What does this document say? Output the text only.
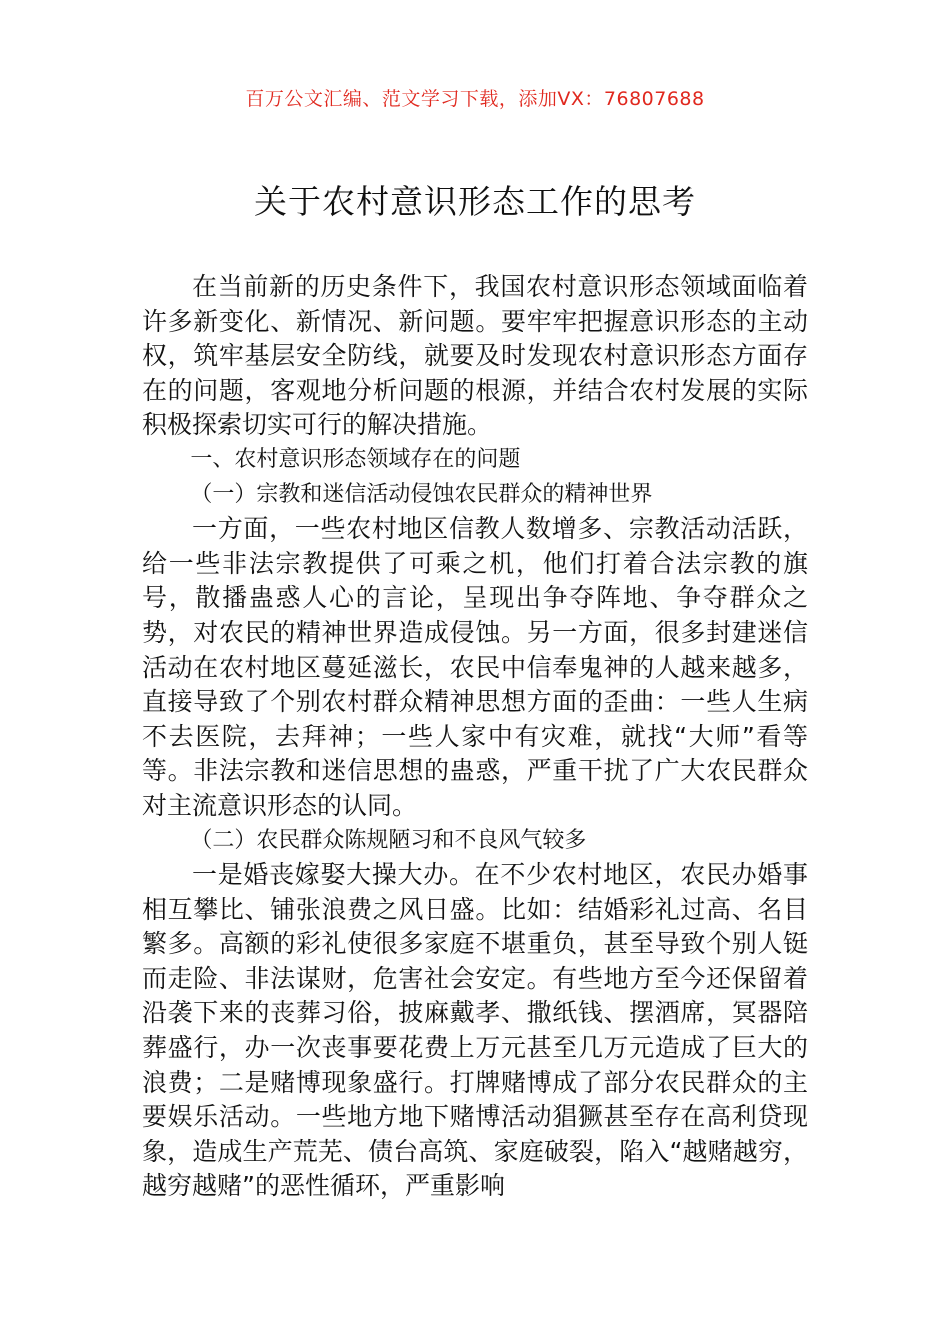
百万公文汇编、范文学习下载，添加VX：76807688
关于农村意识形态工作的思考

在当前新的历史条件下，我国农村意识形态领域面临着许多新变化、新情况、新问题。要牢牢把握意识形态的主动权，筑牢基层安全防线，就要及时发现农村意识形态方面存在的问题，客观地分析问题的根源，并结合农村发展的实际积极探索切实可行的解决措施。

一、农村意识形态领域存在的问题

（一）宗教和迷信活动侵蚀农民群众的精神世界

一方面，一些农村地区信教人数增多、宗教活动活跃，给一些非法宗教提供了可乘之机，他们打着合法宗教的旗号，散播蛊惑人心的言论，呈现出争夺阵地、争夺群众之势，对农民的精神世界造成侵蚀。另一方面，很多封建迷信活动在农村地区蔓延滋长，农民中信奉鬼神的人越来越多，直接导致了个别农村群众精神思想方面的歪曲：一些人生病不去医院，去拜神；一些人家中有灾难，就找“大师”看等等。非法宗教和迷信思想的蛊惑，严重干扰了广大农民群众对主流意识形态的认同。

（二）农民群众陈规陋习和不良风气较多

一是婚丧嫁娶大操大办。在不少农村地区，农民办婚事相互攀比、铺张浪费之风日盛。比如：结婚彩礼过高、名目繁多。高额的彩礼使很多家庭不堪重负，甚至导致个别人铤而走险、非法谋财，危害社会安定。有些地方至今还保留着沿袭下来的丧葬习俗，披麻戴孝、撒纸钱、摆酒席，冥器陪葬盛行，办一次丧事要花费上万元甚至几万元造成了巨大的浪费；二是赌博现象盛行。打牌赌博成了部分农民群众的主要娱乐活动。一些地方地下赌博活动猖獗甚至存在高利贷现象，造成生产荒芜、债台高筑、家庭破裂，陷入“越赌越穷，越穷越赌”的恶性循环，严重影响
